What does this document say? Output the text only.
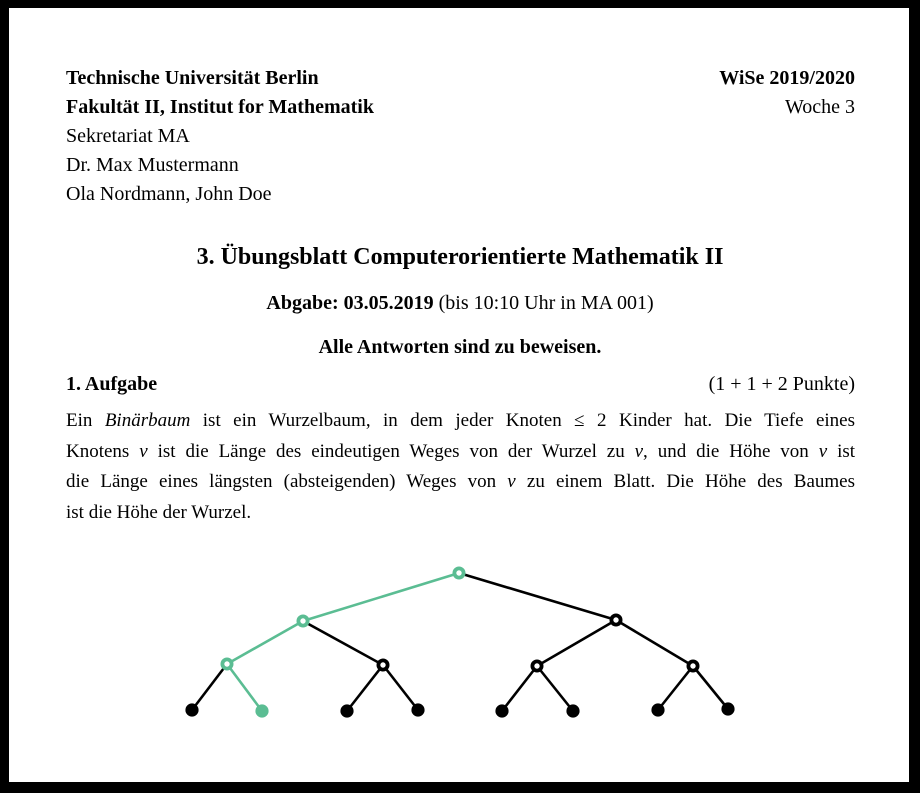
Technische Universität Berlin
Fakultät II, Institut for Mathematik
Sekretariat MA
Dr. Max Mustermann
Ola Nordmann, John Doe
WiSe 2019/2020
Woche 3
3. Übungsblatt Computerorientierte Mathematik II
Abgabe: 03.05.2019 (bis 10:10 Uhr in MA 001)
Alle Antworten sind zu beweisen.
1. Aufgabe	(1 + 1 + 2 Punkte)
Ein Binärbaum ist ein Wurzelbaum, in dem jeder Knoten ≤ 2 Kinder hat. Die Tiefe eines
Knotens v ist die Länge des eindeutigen Weges von der Wurzel zu v, und die Höhe von v ist
die Länge eines längsten (absteigenden) Weges von v zu einem Blatt. Die Höhe des Baumes
ist die Höhe der Wurzel.
